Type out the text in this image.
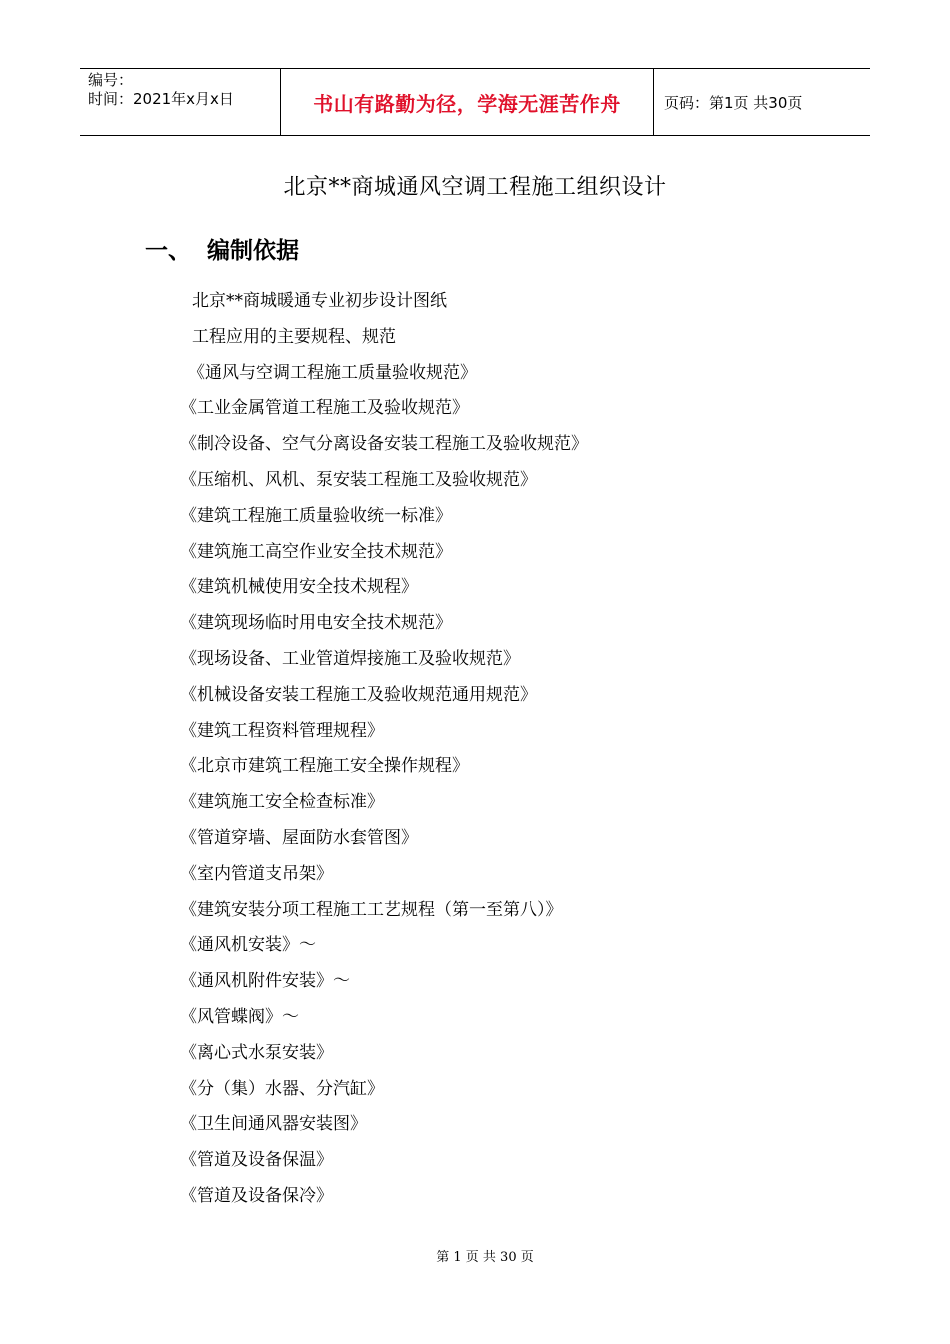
编号：
时间：2021年x月x日	书山有路勤为径，学海无涯苦作舟	页码：第1页 共30页
北京**商城通风空调工程施工组织设计
一、 编制依据
北京**商城暖通专业初步设计图纸
工程应用的主要规程、规范
《通风与空调工程施工质量验收规范》
《工业金属管道工程施工及验收规范》
《制冷设备、空气分离设备安装工程施工及验收规范》
《压缩机、风机、泵安装工程施工及验收规范》
《建筑工程施工质量验收统一标准》
《建筑施工高空作业安全技术规范》
《建筑机械使用安全技术规程》
《建筑现场临时用电安全技术规范》
《现场设备、工业管道焊接施工及验收规范》
《机械设备安装工程施工及验收规范通用规范》
《建筑工程资料管理规程》
《北京市建筑工程施工安全操作规程》
《建筑施工安全检查标准》
《管道穿墙、屋面防水套管图》
《室内管道支吊架》
《建筑安装分项工程施工工艺规程（第一至第八）》
《通风机安装》～
《通风机附件安装》～
《风管蝶阀》～
《离心式水泵安装》
《分（集）水器、分汽缸》
《卫生间通风器安装图》
《管道及设备保温》
《管道及设备保冷》
第 1 页 共 30 页
